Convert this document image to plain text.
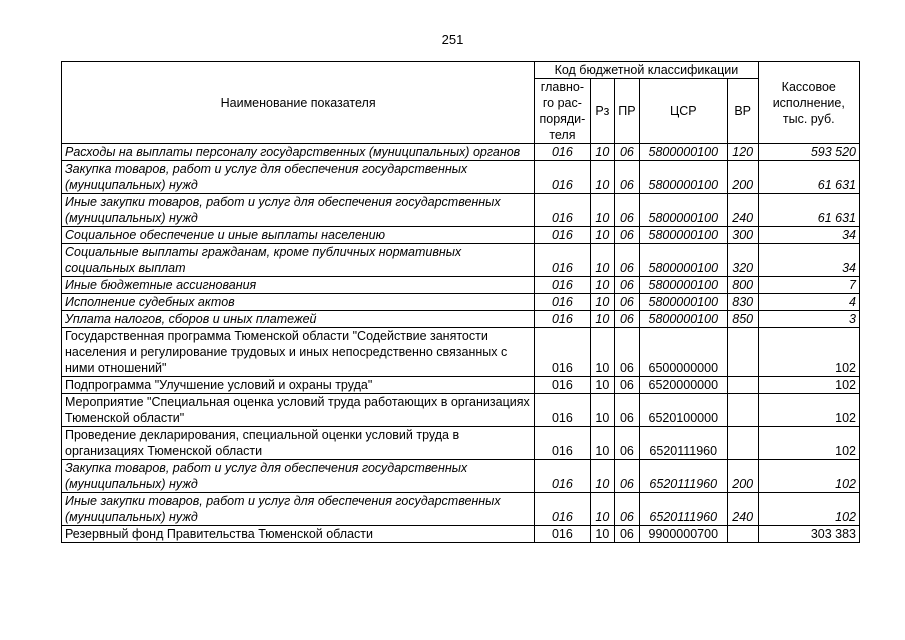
251
Наименование показателя	Код бюджетной классификации					Кассовое исполнение, тыс. руб.
	главно-го рас-поряди-теля	Рз	ПР	ЦСР	ВР	
Расходы на выплаты персоналу государственных (муниципальных) органов	016	10	06	5800000100	120	593 520
Закупка товаров, работ и услуг для обеспечения государственных (муниципальных) нужд	016	10	06	5800000100	200	61 631
Иные закупки товаров, работ и услуг для обеспечения государственных (муниципальных) нужд	016	10	06	5800000100	240	61 631
Социальное обеспечение и иные выплаты населению	016	10	06	5800000100	300	34
Социальные выплаты гражданам, кроме публичных нормативных социальных выплат	016	10	06	5800000100	320	34
Иные бюджетные ассигнования	016	10	06	5800000100	800	7
Исполнение судебных актов	016	10	06	5800000100	830	4
Уплата налогов, сборов и иных платежей	016	10	06	5800000100	850	3
Государственная программа Тюменской области "Содействие занятости населения и регулирование трудовых и иных непосредственно связанных с ними отношений"	016	10	06	6500000000		102
Подпрограмма "Улучшение условий и охраны труда"	016	10	06	6520000000		102
Мероприятие "Специальная оценка условий труда работающих в организациях Тюменской области"	016	10	06	6520100000		102
Проведение декларирования, специальной оценки условий труда в организациях Тюменской области	016	10	06	6520111960		102
Закупка товаров, работ и услуг для обеспечения государственных (муниципальных) нужд	016	10	06	6520111960	200	102
Иные закупки товаров, работ и услуг для обеспечения государственных (муниципальных) нужд	016	10	06	6520111960	240	102
Резервный фонд Правительства Тюменской области	016	10	06	9900000700		303 383
